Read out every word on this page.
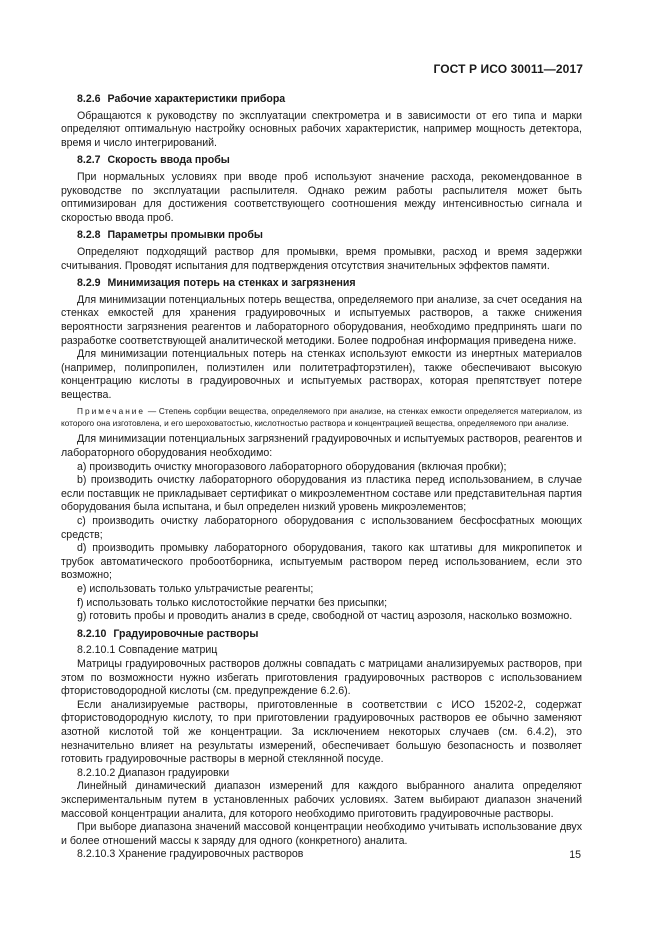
ГОСТ Р ИСО 30011—2017
8.2.6 Рабочие характеристики прибора

Обращаются к руководству по эксплуатации спектрометра и в зависимости от его типа и марки определяют оптимальную настройку основных рабочих характеристик, например мощность детектора, время и число интегрирований.

8.2.7 Скорость ввода пробы

При нормальных условиях при вводе проб используют значение расхода, рекомендованное в руководстве по эксплуатации распылителя. Однако режим работы распылителя может быть оптимизирован для достижения соответствующего соотношения между интенсивностью сигнала и скоростью ввода проб.

8.2.8 Параметры промывки пробы

Определяют подходящий раствор для промывки, время промывки, расход и время задержки считывания. Проводят испытания для подтверждения отсутствия значительных эффектов памяти.

8.2.9 Минимизация потерь на стенках и загрязнения

Для минимизации потенциальных потерь вещества, определяемого при анализе, за счет оседания на стенках емкостей для хранения градуировочных и испытуемых растворов, а также снижения вероятности загрязнения реагентов и лабораторного оборудования, необходимо предпринять шаги по разработке соответствующей аналитической методики. Более подробная информация приведена ниже.

Для минимизации потенциальных потерь на стенках используют емкости из инертных материалов (например, полипропилен, полиэтилен или политетрафторэтилен), также обеспечивают высокую концентрацию кислоты в градуировочных и испытуемых растворах, которая препятствует потере вещества.

Примечание — Степень сорбции вещества, определяемого при анализе, на стенках емкости определяется материалом, из которого она изготовлена, и его шероховатостью, кислотностью раствора и концентрацией вещества, определяемого при анализе.

Для минимизации потенциальных загрязнений градуировочных и испытуемых растворов, реагентов и лабораторного оборудования необходимо:

a) производить очистку многоразового лабораторного оборудования (включая пробки);

b) производить очистку лабораторного оборудования из пластика перед использованием, в случае если поставщик не прикладывает сертификат о микроэлементном составе или представительная партия оборудования была испытана, и был определен низкий уровень микроэлементов;

c) производить очистку лабораторного оборудования с использованием бесфосфатных моющих средств;

d) производить промывку лабораторного оборудования, такого как штативы для микропипеток и трубок автоматического пробоотборника, испытуемым раствором перед использованием, если это возможно;

e) использовать только ультрачистые реагенты;

f) использовать только кислотостойкие перчатки без присыпки;

g) готовить пробы и проводить анализ в среде, свободной от частиц аэрозоля, насколько возможно.

8.2.10 Градуировочные растворы
8.2.10.1 Совпадение матриц

Матрицы градуировочных растворов должны совпадать с матрицами анализируемых растворов, при этом по возможности нужно избегать приготовления градуировочных растворов с использованием фтористоводородной кислоты (см. предупреждение 6.2.6).

Если анализируемые растворы, приготовленные в соответствии с ИСО 15202-2, содержат фтористоводородную кислоту, то при приготовлении градуировочных растворов ее обычно заменяют азотной кислотой той же концентрации. За исключением некоторых случаев (см. 6.4.2), это незначительно влияет на результаты измерений, обеспечивает большую безопасность и позволяет готовить градуировочные растворы в мерной стеклянной посуде.

8.2.10.2 Диапазон градуировки

Линейный динамический диапазон измерений для каждого выбранного аналита определяют экспериментальным путем в установленных рабочих условиях. Затем выбирают диапазон значений массовой концентрации аналита, для которого необходимо приготовить градуировочные растворы.

При выборе диапазона значений массовой концентрации необходимо учитывать использование двух и более отношений массы к заряду для одного (конкретного) аналита.

8.2.10.3 Хранение градуировочных растворов	15
